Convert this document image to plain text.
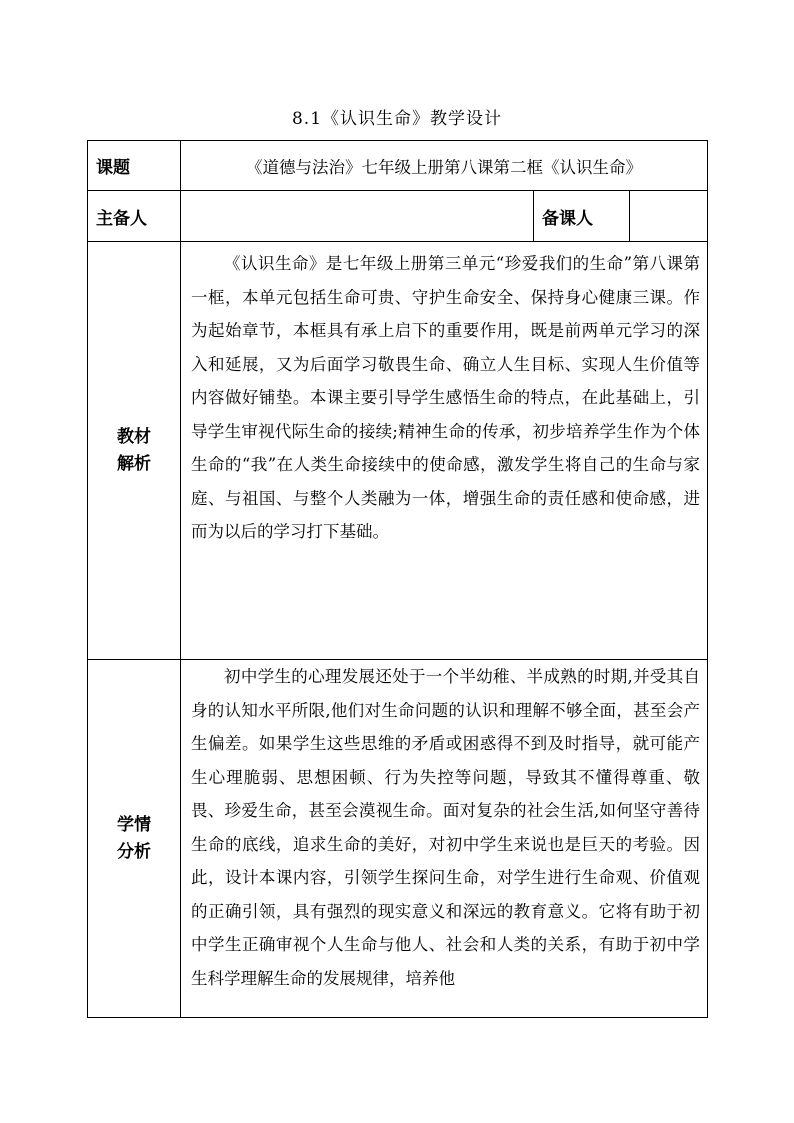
8.1《认识生命》教学设计
课题	《道德与法治》七年级上册第八课第二框《认识生命》		
主备人		备课人	

教材
解析	《认识生命》是七年级上册第三单元“珍爱我们的生命”第八课第一框，本单元包括生命可贵、守护生命安全、保持身心健康三课。作为起始章节，本框具有承上启下的重要作用，既是前两单元学习的深入和延展，又为后面学习敬畏生命、确立人生目标、实现人生价值等内容做好铺垫。本课主要引导学生感悟生命的特点，在此基础上，引导学生审视代际生命的接续;精神生命的传承，初步培养学生作为个体生命的“我”在人类生命接续中的使命感，激发学生将自己的生命与家庭、与祖国、与整个人类融为一体，增强生命的责任感和使命感，进而为以后的学习打下基础。		

学情
分析	初中学生的心理发展还处于一个半幼稚、半成熟的时期,并受其自身的认知水平所限,他们对生命问题的认识和理解不够全面，甚至会产生偏差。如果学生这些思维的矛盾或困惑得不到及时指导，就可能产生心理脆弱、思想困顿、行为失控等问题，导致其不懂得尊重、敬畏、珍爱生命，甚至会漠视生命。面对复杂的社会生活,如何坚守善待生命的底线，追求生命的美好，对初中学生来说也是巨天的考验。因此，设计本课内容，引领学生探问生命，对学生进行生命观、价值观的正确引领，具有强烈的现实意义和深远的教育意义。它将有助于初中学生正确审视个人生命与他人、社会和人类的关系，有助于初中学生科学理解生命的发展规律，培养他		
